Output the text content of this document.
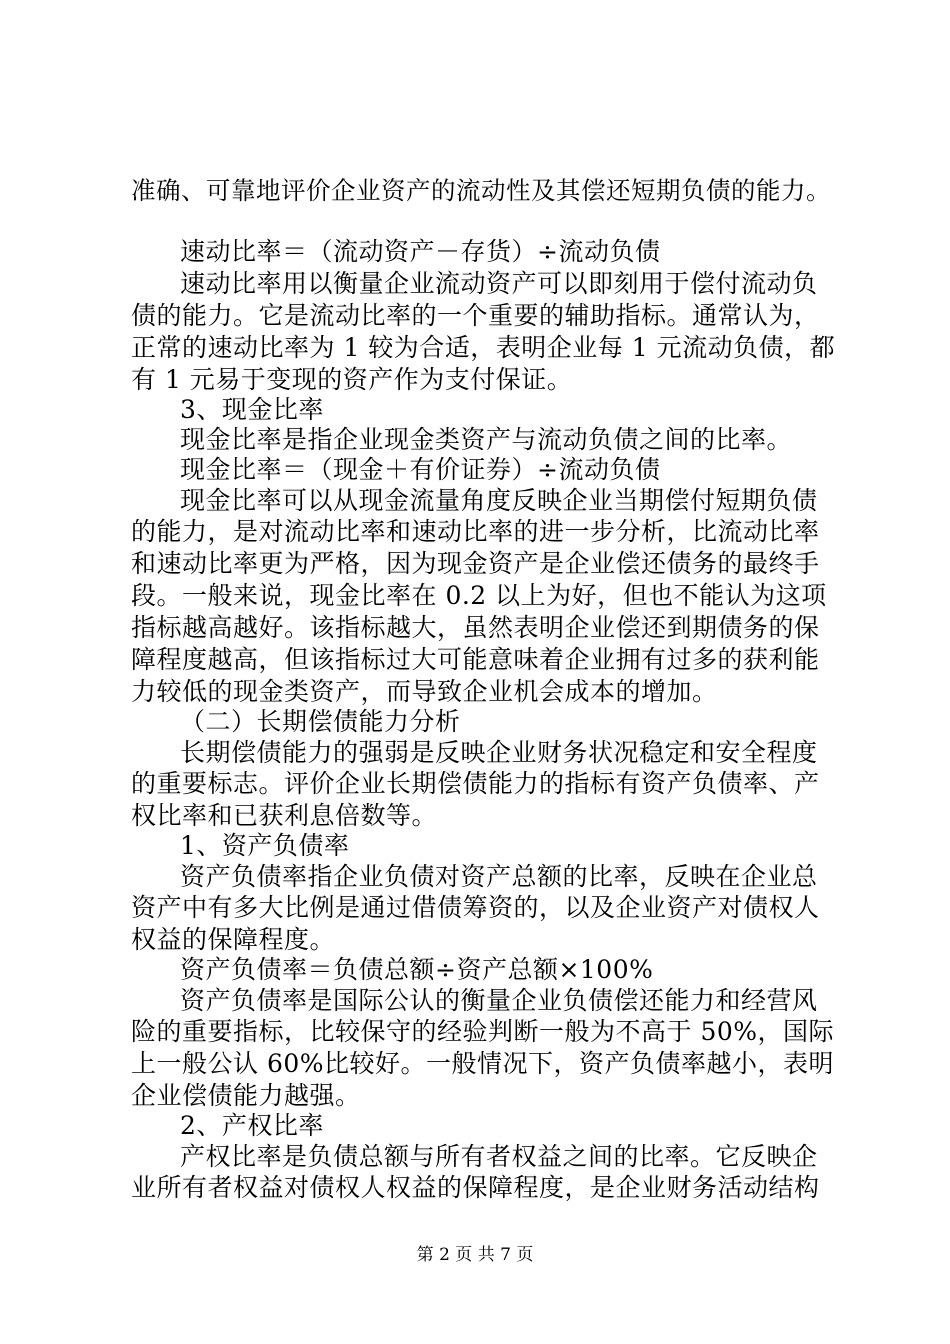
准确、可靠地评价企业资产的流动性及其偿还短期负债的能力。
速动比率＝（流动资产－存货）÷流动负债
速动比率用以衡量企业流动资产可以即刻用于偿付流动负
债的能力。它是流动比率的一个重要的辅助指标。通常认为，
正常的速动比率为 1 较为合适，表明企业每 1 元流动负债，都
有 1 元易于变现的资产作为支付保证。
3、现金比率
现金比率是指企业现金类资产与流动负债之间的比率。
现金比率＝（现金＋有价证券）÷流动负债
现金比率可以从现金流量角度反映企业当期偿付短期负债
的能力，是对流动比率和速动比率的进一步分析，比流动比率
和速动比率更为严格，因为现金资产是企业偿还债务的最终手
段。一般来说，现金比率在 0.2 以上为好，但也不能认为这项
指标越高越好。该指标越大，虽然表明企业偿还到期债务的保
障程度越高，但该指标过大可能意味着企业拥有过多的获利能
力较低的现金类资产，而导致企业机会成本的增加。
（二）长期偿债能力分析
长期偿债能力的强弱是反映企业财务状况稳定和安全程度
的重要标志。评价企业长期偿债能力的指标有资产负债率、产
权比率和已获利息倍数等。
1、资产负债率
资产负债率指企业负债对资产总额的比率，反映在企业总
资产中有多大比例是通过借债筹资的，以及企业资产对债权人
权益的保障程度。
资产负债率＝负债总额÷资产总额×100%
资产负债率是国际公认的衡量企业负债偿还能力和经营风
险的重要指标，比较保守的经验判断一般为不高于 50%，国际
上一般公认 60%比较好。一般情况下，资产负债率越小，表明
企业偿债能力越强。
2、产权比率
产权比率是负债总额与所有者权益之间的比率。它反映企
业所有者权益对债权人权益的保障程度，是企业财务活动结构
第 2 页 共 7 页
